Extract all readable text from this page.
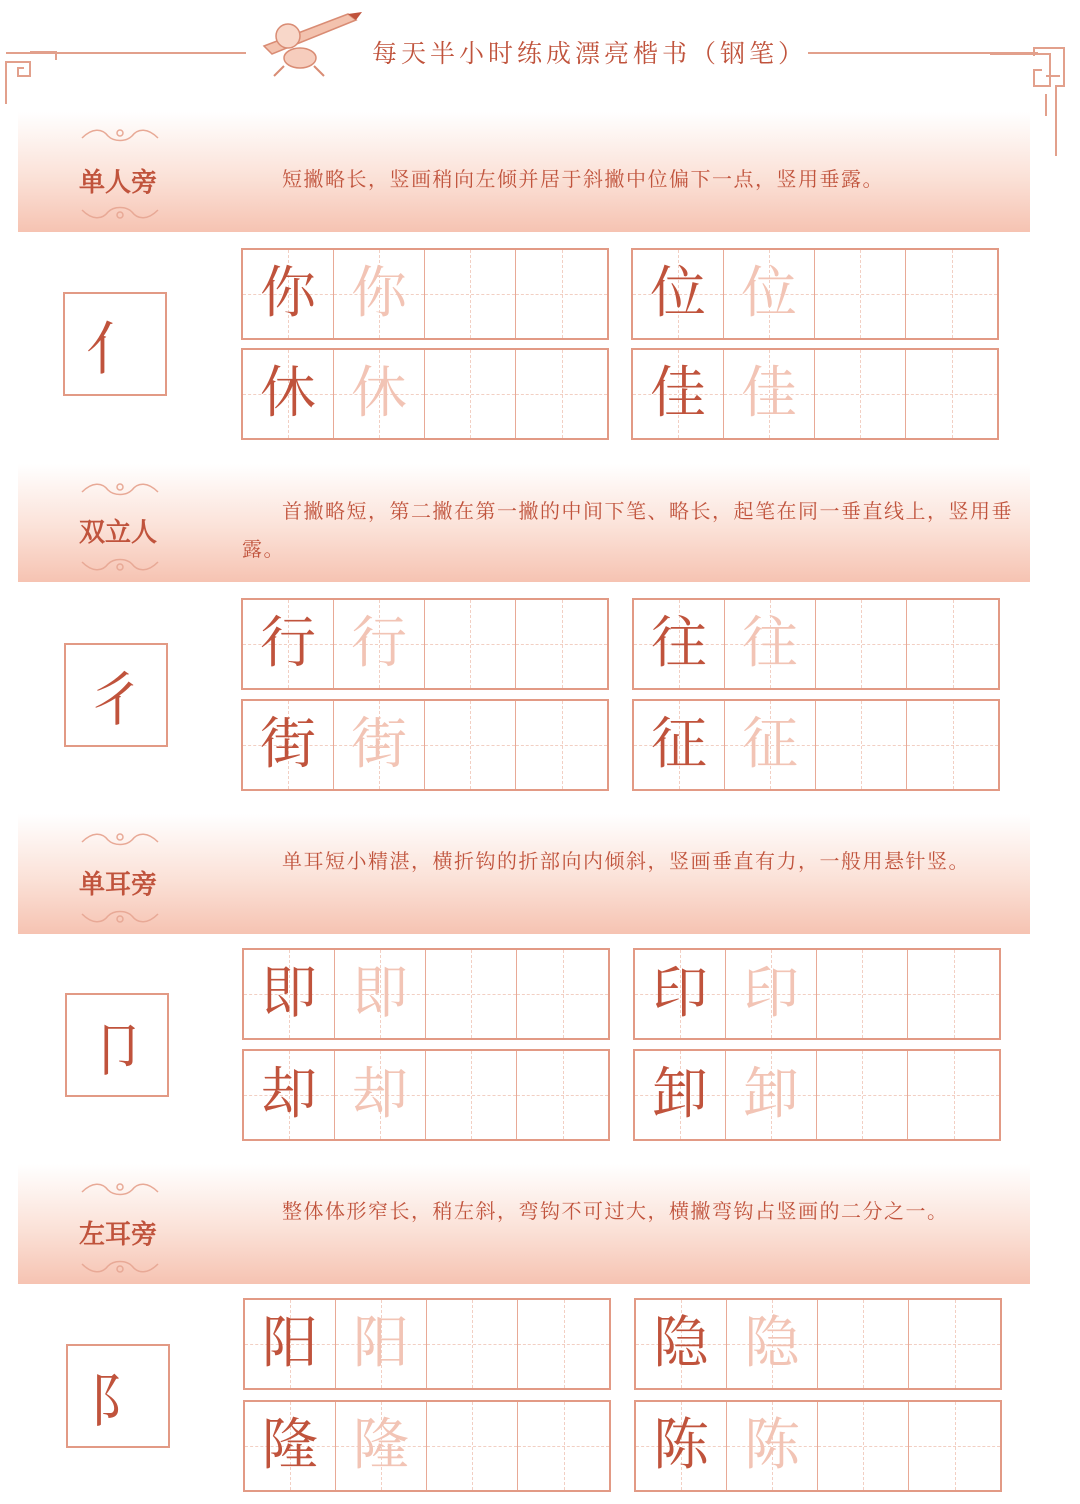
每天半小时练成漂亮楷书（钢笔）
单人旁	短撇略长，竖画稍向左倾并居于斜撇中位偏下一点，竖用垂露。
亻
你 你	位 位
休 休	佳 佳
双立人
首撇略短，第二撇在第一撇的中间下笔、略长，起笔在同一垂直线上，竖用垂露。
彳
行 行	往 往
街 街	征 征
单耳旁
单耳短小精湛，横折钩的折部向内倾斜，竖画垂直有力，一般用悬针竖。
卩
即 即	印 印
却 却	卸 卸
左耳旁
整体体形窄长，稍左斜，弯钩不可过大，横撇弯钩占竖画的二分之一。
阝
阳 阳	隐 隐
隆 隆	陈 陈
